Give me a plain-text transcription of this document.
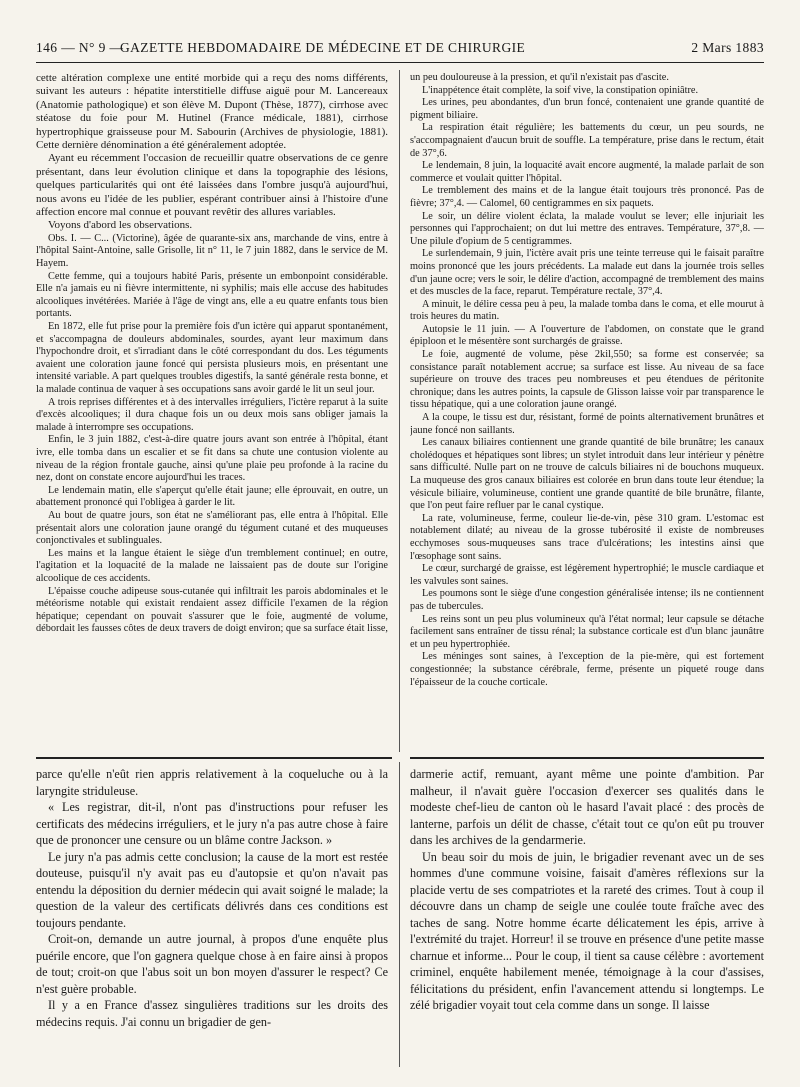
146 — N° 9 —
GAZETTE HEBDOMADAIRE DE MÉDECINE ET DE CHIRURGIE	2 Mars 1883

cette altération complexe une entité morbide qui a reçu des noms différents, suivant les auteurs : hépatite interstitielle diffuse aiguë pour M. Lancereaux (Anatomie pathologique) et son élève M. Dupont (Thèse, 1877), cirrhose avec stéatose du foie pour M. Hutinel (France médicale, 1881), cirrhose hypertrophique graisseuse pour M. Sabourin (Archives de physiologie, 1881). Cette dernière dénomination a été généralement adoptée.

Ayant eu récemment l'occasion de recueillir quatre observations de ce genre présentant, dans leur évolution clinique et dans la topographie des lésions, quelques particularités qui ont été laissées dans l'ombre jusqu'à aujourd'hui, nous avons eu l'idée de les publier, espérant contribuer ainsi à l'histoire d'une affection encore mal connue et pouvant revêtir des allures variables.

Voyons d'abord les observations.

Obs. I. — C... (Victorine), âgée de quarante-six ans, marchande de vins, entre à l'hôpital Saint-Antoine, salle Grisolle, lit n° 11, le 7 juin 1882, dans le service de M. Hayem.

Cette femme, qui a toujours habité Paris, présente un embonpoint considérable. Elle n'a jamais eu ni fièvre intermittente, ni syphilis; mais elle accuse des habitudes alcooliques invétérées. Mariée à l'âge de vingt ans, elle a eu quatre enfants tous bien portants.

En 1872, elle fut prise pour la première fois d'un ictère qui apparut spontanément, et s'accompagna de douleurs abdominales, sourdes, ayant leur maximum dans l'hypochondre droit, et s'irradiant dans le côté correspondant du dos. Les téguments avaient une coloration jaune foncé qui persista plusieurs mois, en présentant une intensité variable. A part quelques troubles digestifs, la santé générale resta bonne, et la malade continua de vaquer à ses occupations sans avoir gardé le lit un seul jour.

A trois reprises différentes et à des intervalles irréguliers, l'ictère reparut à la suite d'excès alcooliques; il dura chaque fois un ou deux mois sans obliger jamais la malade à interrompre ses occupations.

Enfin, le 3 juin 1882, c'est-à-dire quatre jours avant son entrée à l'hôpital, étant ivre, elle tomba dans un escalier et se fit dans sa chute une contusion violente au niveau de la région frontale gauche, ainsi qu'une plaie peu profonde à la racine du nez, dont on constate encore aujourd'hui les traces.

Le lendemain matin, elle s'aperçut qu'elle était jaune; elle éprouvait, en outre, un abattement prononcé qui l'obligea à garder le lit.

Au bout de quatre jours, son état ne s'améliorant pas, elle entra à l'hôpital. Elle présentait alors une coloration jaune orangé du tégument cutané et des muqueuses conjonctivales et sublinguales.

Les mains et la langue étaient le siège d'un tremblement continuel; en outre, l'agitation et la loquacité de la malade ne laissaient pas de doute sur l'origine alcoolique de ces accidents.

L'épaisse couche adipeuse sous-cutanée qui infiltrait les parois abdominales et le météorisme notable qui existait rendaient assez difficile l'examen de la région hépatique; cependant on pouvait s'assurer que le foie, augmenté de volume, débordait les fausses côtes de deux travers de doigt environ; que sa surface était lisse,

un peu douloureuse à la pression, et qu'il n'existait pas d'ascite.

L'inappétence était complète, la soif vive, la constipation opiniâtre.

Les urines, peu abondantes, d'un brun foncé, contenaient une grande quantité de pigment biliaire.

La respiration était régulière; les battements du cœur, un peu sourds, ne s'accompagnaient d'aucun bruit de souffle. La température, prise dans le rectum, était de 37°,6.

Le lendemain, 8 juin, la loquacité avait encore augmenté, la malade parlait de son commerce et voulait quitter l'hôpital.

Le tremblement des mains et de la langue était toujours très prononcé. Pas de fièvre; 37°,4. — Calomel, 60 centigrammes en six paquets.

Le soir, un délire violent éclata, la malade voulut se lever; elle injuriait les personnes qui l'approchaient; on dut lui mettre des entraves. Température, 37°,8. — Une pilule d'opium de 5 centigrammes.

Le surlendemain, 9 juin, l'ictère avait pris une teinte terreuse qui le faisait paraître moins prononcé que les jours précédents. La malade eut dans la journée trois selles d'un jaune ocre; vers le soir, le délire d'action, accompagné de tremblement des mains et des muscles de la face, reparut. Température rectale, 37°,4.

A minuit, le délire cessa peu à peu, la malade tomba dans le coma, et elle mourut à trois heures du matin.

Autopsie le 11 juin. — A l'ouverture de l'abdomen, on constate que le grand épiploon et le mésentère sont surchargés de graisse.

Le foie, augmenté de volume, pèse 2kil,550; sa forme est conservée; sa consistance paraît notablement accrue; sa surface est lisse. Au niveau de sa face supérieure on trouve des traces peu nombreuses et peu étendues de péritonite chronique; dans les autres points, la capsule de Glisson laisse voir par transparence le tissu hépatique, qui a une coloration jaune orangé.

A la coupe, le tissu est dur, résistant, formé de points alternativement brunâtres et jaune foncé non saillants.

Les canaux biliaires contiennent une grande quantité de bile brunâtre; les canaux cholédoques et hépatiques sont libres; un stylet introduit dans leur intérieur y pénètre sans difficulté. Nulle part on ne trouve de calculs biliaires ni de bouchons muqueux. La muqueuse des gros canaux biliaires est colorée en brun dans toute leur étendue; la vésicule biliaire, volumineuse, contient une grande quantité de bile brunâtre, filante, que l'on peut faire refluer par le canal cystique.

La rate, volumineuse, ferme, couleur lie-de-vin, pèse 310 gram. L'estomac est notablement dilaté; au niveau de la grosse tubérosité il existe de nombreuses ecchymoses sous-muqueuses sans trace d'ulcérations; les intestins ainsi que l'œsophage sont sains.

Le cœur, surchargé de graisse, est légèrement hypertrophié; le muscle cardiaque et les valvules sont saines.

Les poumons sont le siège d'une congestion généralisée intense; ils ne contiennent pas de tubercules.

Les reins sont un peu plus volumineux qu'à l'état normal; leur capsule se détache facilement sans entraîner de tissu rénal; la substance corticale est d'un blanc jaunâtre et un peu hypertrophiée.

Les méninges sont saines, à l'exception de la pie-mère, qui est fortement congestionnée; la substance cérébrale, ferme, présente un piqueté rouge dans l'épaisseur de la couche corticale.

parce qu'elle n'eût rien appris relativement à la coqueluche ou à la laryngite striduleuse.

« Les registrar, dit-il, n'ont pas d'instructions pour refuser les certificats des médecins irréguliers, et le jury n'a pas autre chose à faire que de prononcer une censure ou un blâme contre Jackson. »

Le jury n'a pas admis cette conclusion; la cause de la mort est restée douteuse, puisqu'il n'y avait pas eu d'autopsie et qu'on n'avait pas entendu la déposition du dernier médecin qui avait soigné le malade; la question de la valeur des certificats délivrés dans ces conditions est toujours pendante.

Croit-on, demande un autre journal, à propos d'une enquête plus puérile encore, que l'on gagnera quelque chose à en faire ainsi à propos de tout; croit-on que l'abus soit un bon moyen d'assurer le respect? Ce n'est guère probable.

Il y a en France d'assez singulières traditions sur les droits des médecins requis. J'ai connu un brigadier de gen-

darmerie actif, remuant, ayant même une pointe d'ambition. Par malheur, il n'avait guère l'occasion d'exercer ses qualités dans le modeste chef-lieu de canton où le hasard l'avait placé : des procès de lanterne, parfois un délit de chasse, c'était tout ce qu'on eût pu trouver dans les archives de la gendarmerie.

Un beau soir du mois de juin, le brigadier revenant avec un de ses hommes d'une commune voisine, faisait d'amères réflexions sur la placide vertu de ses compatriotes et la rareté des crimes. Tout à coup il découvre dans un champ de seigle une coulée toute fraîche avec des taches de sang. Notre homme écarte délicatement les épis, arrive à l'extrémité du trajet. Horreur! il se trouve en présence d'une petite masse charnue et informe... Pour le coup, il tient sa cause célèbre : avortement criminel, enquête habilement menée, témoignage à la cour d'assises, félicitations du président, enfin l'avancement attendu si longtemps. Le zélé brigadier voyait tout cela comme dans un songe. Il laisse
